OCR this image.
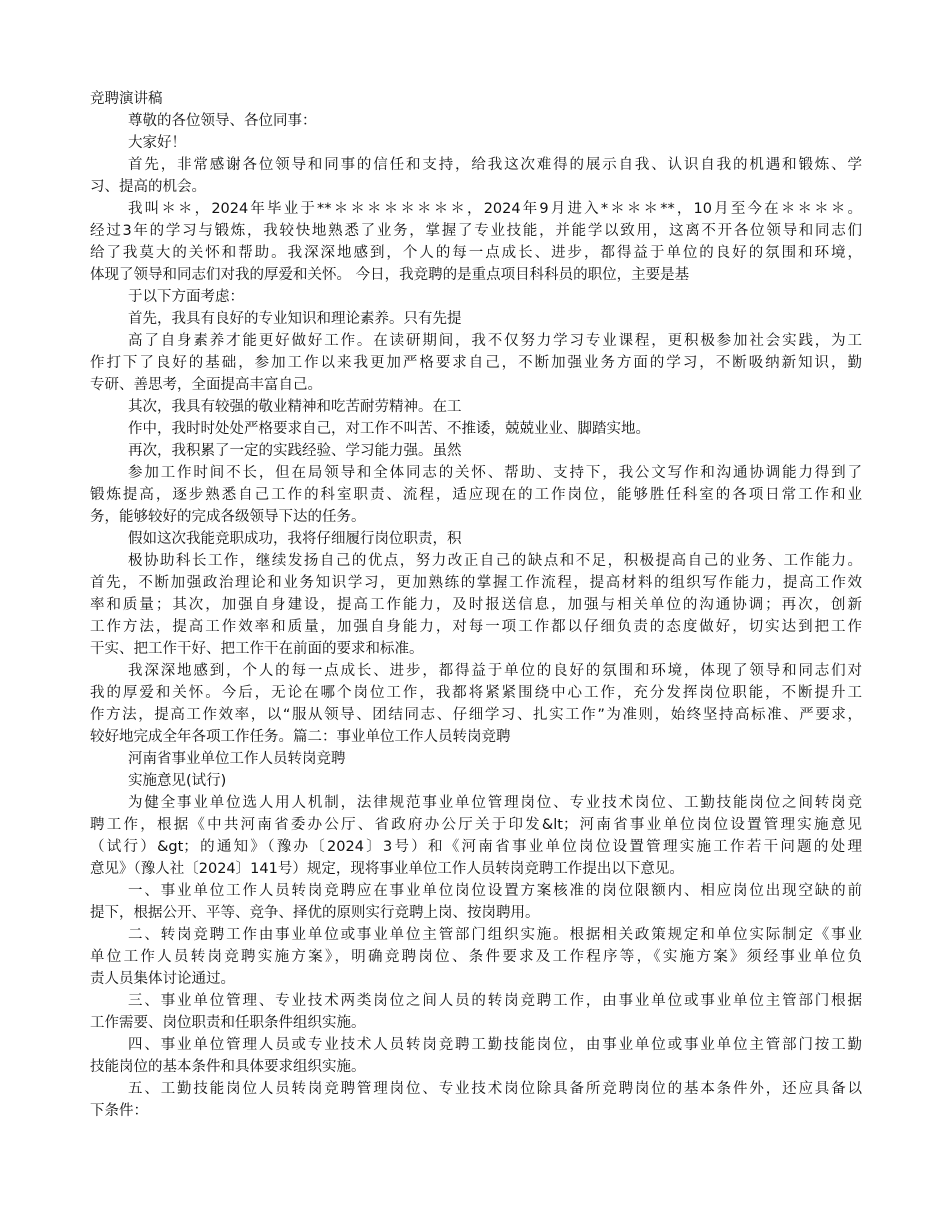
竞聘演讲稿
尊敬的各位领导、各位同事：
大家好！
首先，非常感谢各位领导和同事的信任和支持，给我这次难得的展示自我、认识自我的机遇和锻炼、学
习、提高的机会。
我叫＊＊，2024年毕业于**＊＊＊＊＊＊＊＊，2024年9月进入*＊＊＊**，10月至今在＊＊＊＊。
经过3年的学习与锻炼，我较快地熟悉了业务，掌握了专业技能，并能学以致用，这离不开各位领导和同志们
给了我莫大的关怀和帮助。我深深地感到，个人的每一点成长、进步，都得益于单位的良好的氛围和环境，
体现了领导和同志们对我的厚爱和关怀。 今日，我竞聘的是重点项目科科员的职位，主要是基
于以下方面考虑：
首先，我具有良好的专业知识和理论素养。只有先提
高了自身素养才能更好做好工作。在读研期间，我不仅努力学习专业课程，更积极参加社会实践，为工
作打下了良好的基础，参加工作以来我更加严格要求自己，不断加强业务方面的学习，不断吸纳新知识，勤
专研、善思考，全面提高丰富自己。
其次，我具有较强的敬业精神和吃苦耐劳精神。在工
作中，我时时处处严格要求自己，对工作不叫苦、不推诿，兢兢业业、脚踏实地。
再次，我积累了一定的实践经验、学习能力强。虽然
参加工作时间不长，但在局领导和全体同志的关怀、帮助、支持下，我公文写作和沟通协调能力得到了
锻炼提高，逐步熟悉自己工作的科室职责、流程，适应现在的工作岗位，能够胜任科室的各项日常工作和业
务，能够较好的完成各级领导下达的任务。
假如这次我能竞职成功，我将仔细履行岗位职责，积
极协助科长工作，继续发扬自己的优点，努力改正自己的缺点和不足，积极提高自己的业务、工作能力。
首先，不断加强政治理论和业务知识学习，更加熟练的掌握工作流程，提高材料的组织写作能力，提高工作效
率和质量；其次，加强自身建设，提高工作能力，及时报送信息，加强与相关单位的沟通协调；再次，创新
工作方法，提高工作效率和质量，加强自身能力，对每一项工作都以仔细负责的态度做好，切实达到把工作
干实、把工作干好、把工作干在前面的要求和标准。
我深深地感到，个人的每一点成长、进步，都得益于单位的良好的氛围和环境，体现了领导和同志们对
我的厚爱和关怀。今后，无论在哪个岗位工作，我都将紧紧围绕中心工作，充分发挥岗位职能，不断提升工
作方法，提高工作效率，以“服从领导、团结同志、仔细学习、扎实工作”为准则，始终坚持高标准、严要求，
较好地完成全年各项工作任务。篇二：事业单位工作人员转岗竞聘
河南省事业单位工作人员转岗竞聘
实施意见(试行)
为健全事业单位选人用人机制，法律规范事业单位管理岗位、专业技术岗位、工勤技能岗位之间转岗竞
聘工作，根据《中共河南省委办公厅、省政府办公厅关于印发&lt；河南省事业单位岗位设置管理实施意见
（试行）&gt；的通知》（豫办〔2024〕3号）和《河南省事业单位岗位设置管理实施工作若干问题的处理
意见》（豫人社〔2024〕141号）规定，现将事业单位工作人员转岗竞聘工作提出以下意见。
一、事业单位工作人员转岗竞聘应在事业单位岗位设置方案核准的岗位限额内、相应岗位出现空缺的前
提下，根据公开、平等、竞争、择优的原则实行竞聘上岗、按岗聘用。
二、转岗竞聘工作由事业单位或事业单位主管部门组织实施。根据相关政策规定和单位实际制定《事业
单位工作人员转岗竞聘实施方案》，明确竞聘岗位、条件要求及工作程序等，《实施方案》须经事业单位负
责人员集体讨论通过。
三、事业单位管理、专业技术两类岗位之间人员的转岗竞聘工作，由事业单位或事业单位主管部门根据
工作需要、岗位职责和任职条件组织实施。
四、事业单位管理人员或专业技术人员转岗竞聘工勤技能岗位，由事业单位或事业单位主管部门按工勤
技能岗位的基本条件和具体要求组织实施。
五、工勤技能岗位人员转岗竞聘管理岗位、专业技术岗位除具备所竞聘岗位的基本条件外，还应具备以
下条件：
